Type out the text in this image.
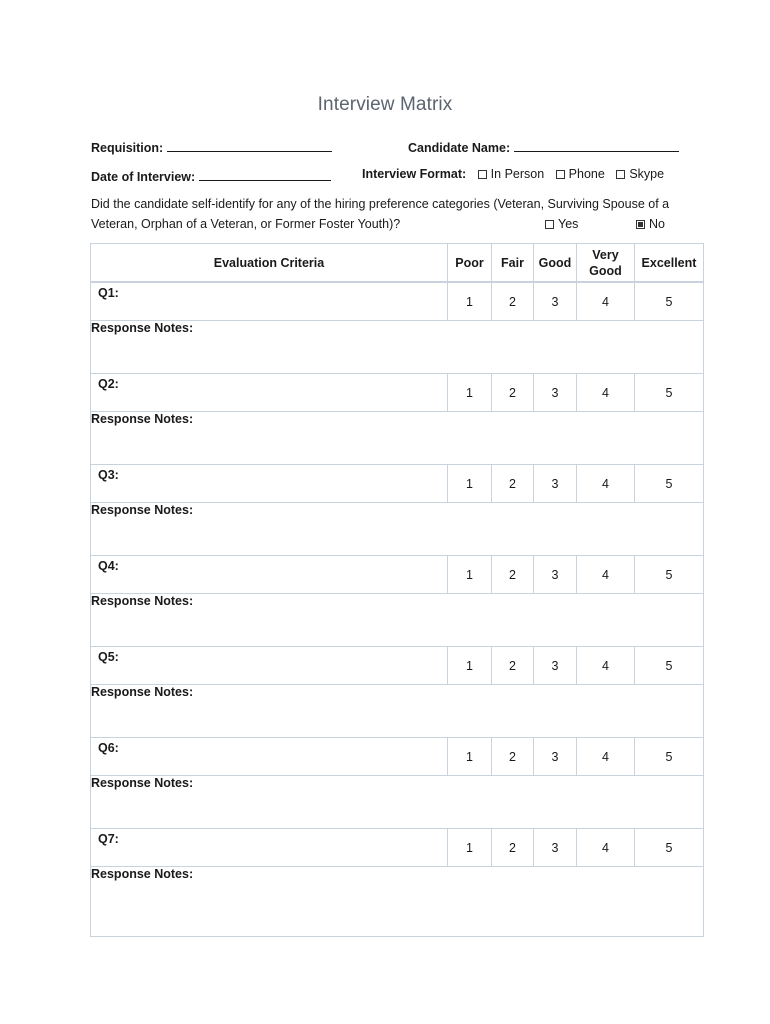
Interview Matrix
Requisition:	Candidate Name:
Date of Interview:	Interview Format: In Person Phone Skype
Did the candidate self-identify for any of the hiring preference categories (Veteran, Surviving Spouse of a
Veteran, Orphan of a Veteran, or Former Foster Youth)?	Yes	No
Evaluation Criteria	Poor	Fair	Good	Very Good	Excellent
Q1:	1	2	3	4	5
Response Notes:					
Q2:	1	2	3	4	5
Response Notes:					
Q3:	1	2	3	4	5
Response Notes:					
Q4:	1	2	3	4	5
Response Notes:					
Q5:	1	2	3	4	5
Response Notes:					
Q6:	1	2	3	4	5
Response Notes:					
Q7:	1	2	3	4	5
Response Notes:					
